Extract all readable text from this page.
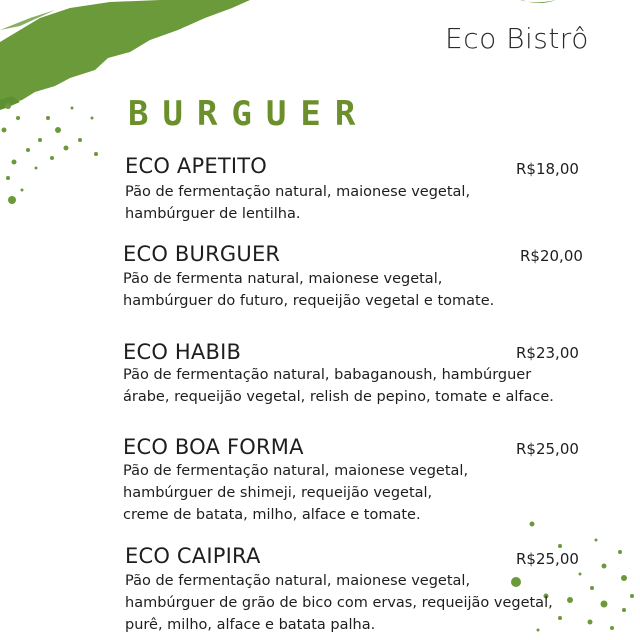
Eco Bistrô
BURGUER
ECO APETITO	R$18,00
Pão de fermentação natural, maionese vegetal,
hambúrguer de lentilha.
ECO BURGUER	R$20,00
Pão de fermenta natural, maionese vegetal,
hambúrguer do futuro, requeijão vegetal e tomate.
ECO HABIB	R$23,00
Pão de fermentação natural, babaganoush, hambúrguer
árabe, requeijão vegetal, relish de pepino, tomate e alface.
ECO BOA FORMA	R$25,00
Pão de fermentação natural, maionese vegetal,
hambúrguer de shimeji, requeijão vegetal,
creme de batata, milho, alface e tomate.
ECO CAIPIRA	R$25,00
Pão de fermentação natural, maionese vegetal,
hambúrguer de grão de bico com ervas, requeijão vegetal,
purê, milho, alface e batata palha.
